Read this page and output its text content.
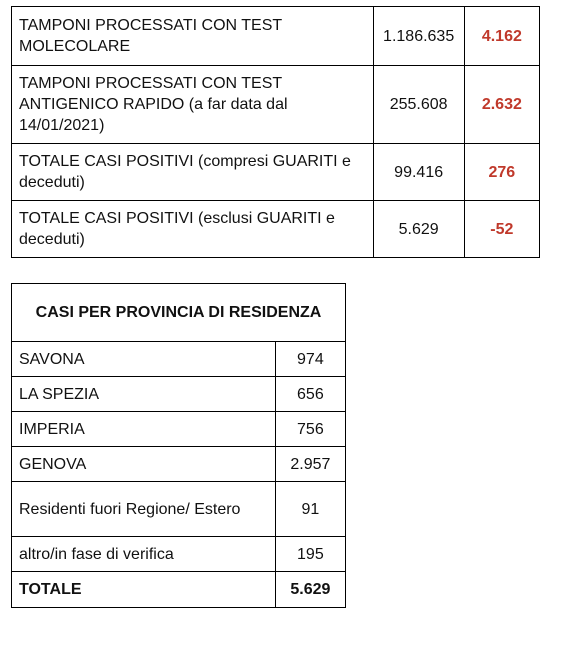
TAMPONI PROCESSATI CON TEST MOLECOLARE	1.186.635	4.162
TAMPONI PROCESSATI CON TEST ANTIGENICO RAPIDO (a far data dal 14/01/2021)	255.608	2.632
TOTALE CASI POSITIVI (compresi GUARITI e deceduti)	99.416	276
TOTALE CASI POSITIVI (esclusi GUARITI e deceduti)	5.629	-52
CASI PER PROVINCIA DI RESIDENZA	
SAVONA	974
LA SPEZIA	656
IMPERIA	756
GENOVA	2.957
Residenti fuori Regione/ Estero	91
altro/in fase di verifica	195
TOTALE	5.629
